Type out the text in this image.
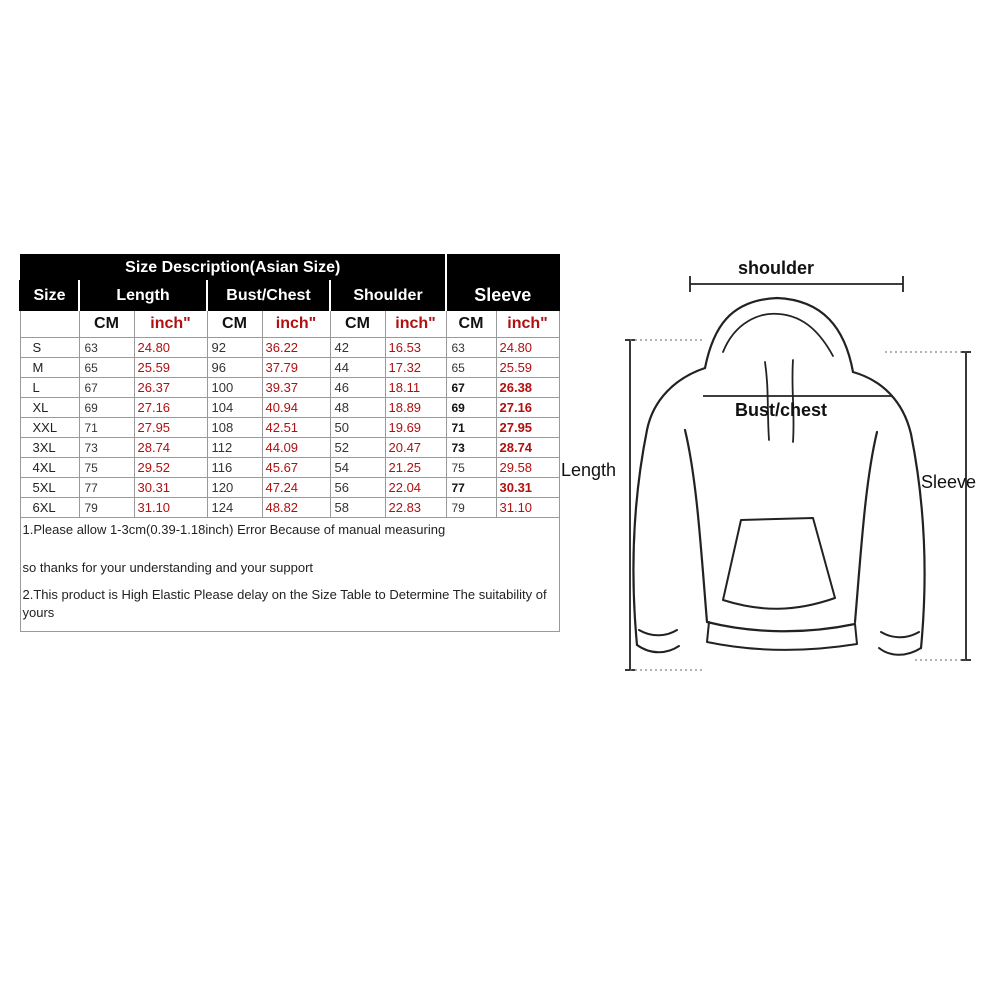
Size Description(Asian Size)								
Size	Length		Bust/Chest		Shoulder		Sleeve	
	CM	inch"	CM	inch"	CM	inch"	CM	inch"
S	63	24.80	92	36.22	42	16.53	63	24.80
M	65	25.59	96	37.79	44	17.32	65	25.59
L	67	26.37	100	39.37	46	18.11	67	26.38
XL	69	27.16	104	40.94	48	18.89	69	27.16
XXL	71	27.95	108	42.51	50	19.69	71	27.95
3XL	73	28.74	112	44.09	52	20.47	73	28.74
4XL	75	29.52	116	45.67	54	21.25	75	29.58
5XL	77	30.31	120	47.24	56	22.04	77	30.31
6XL	79	31.10	124	48.82	58	22.83	79	31.10
1.Please allow 1-3cm(0.39-1.18inch) Error Because of manual measuring								
so thanks for your understanding and your support								
2.This product is High Elastic Please delay on the Size Table to Determine The suitability of yours								
shoulder
Bust/chest
Length
Sleeve
